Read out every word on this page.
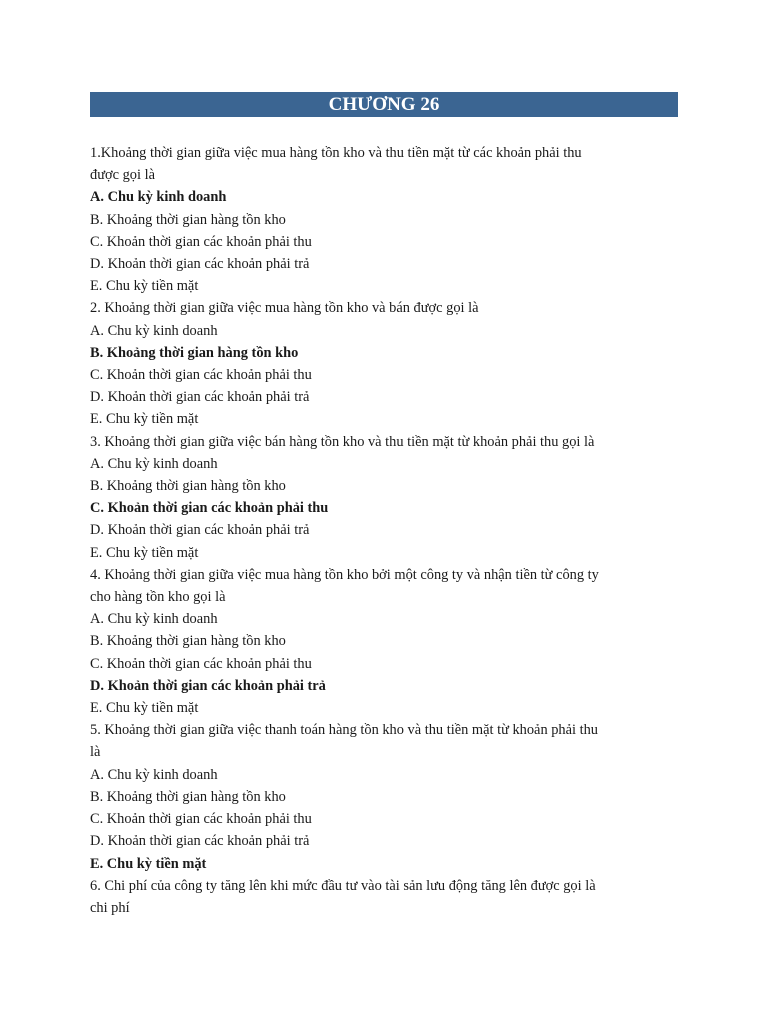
CHƯƠNG 26
1.Khoảng thời gian giữa việc mua hàng tồn kho và thu tiền mặt từ các khoản phải thu
được gọi là
A. Chu kỳ kinh doanh
B. Khoảng thời gian hàng tồn kho
C. Khoản thời gian các khoản phải thu
D. Khoản thời gian các khoản phải trả
E. Chu kỳ tiền mặt
2. Khoảng thời gian giữa việc mua hàng tồn kho và bán được gọi là
A. Chu kỳ kinh doanh
B. Khoảng thời gian hàng tồn kho
C. Khoản thời gian các khoản phải thu
D. Khoản thời gian các khoản phải trả
E. Chu kỳ tiền mặt
3. Khoảng thời gian giữa việc bán hàng tồn kho và thu tiền mặt từ khoản phải thu gọi là
A. Chu kỳ kinh doanh
B. Khoảng thời gian hàng tồn kho
C. Khoản thời gian các khoản phải thu
D. Khoản thời gian các khoản phải trả
E. Chu kỳ tiền mặt
4. Khoảng thời gian giữa việc mua hàng tồn kho bởi một công ty và nhận tiền từ công ty
cho hàng tồn kho gọi là
A. Chu kỳ kinh doanh
B. Khoảng thời gian hàng tồn kho
C. Khoản thời gian các khoản phải thu
D. Khoản thời gian các khoản phải trả
E. Chu kỳ tiền mặt
5. Khoảng thời gian giữa việc thanh toán hàng tồn kho và thu tiền mặt từ khoản phải thu
là
A. Chu kỳ kinh doanh
B. Khoảng thời gian hàng tồn kho
C. Khoản thời gian các khoản phải thu
D. Khoản thời gian các khoản phải trả
E. Chu kỳ tiền mặt
6. Chi phí của công ty tăng lên khi mức đầu tư vào tài sản lưu động tăng lên được gọi là
chi phí
